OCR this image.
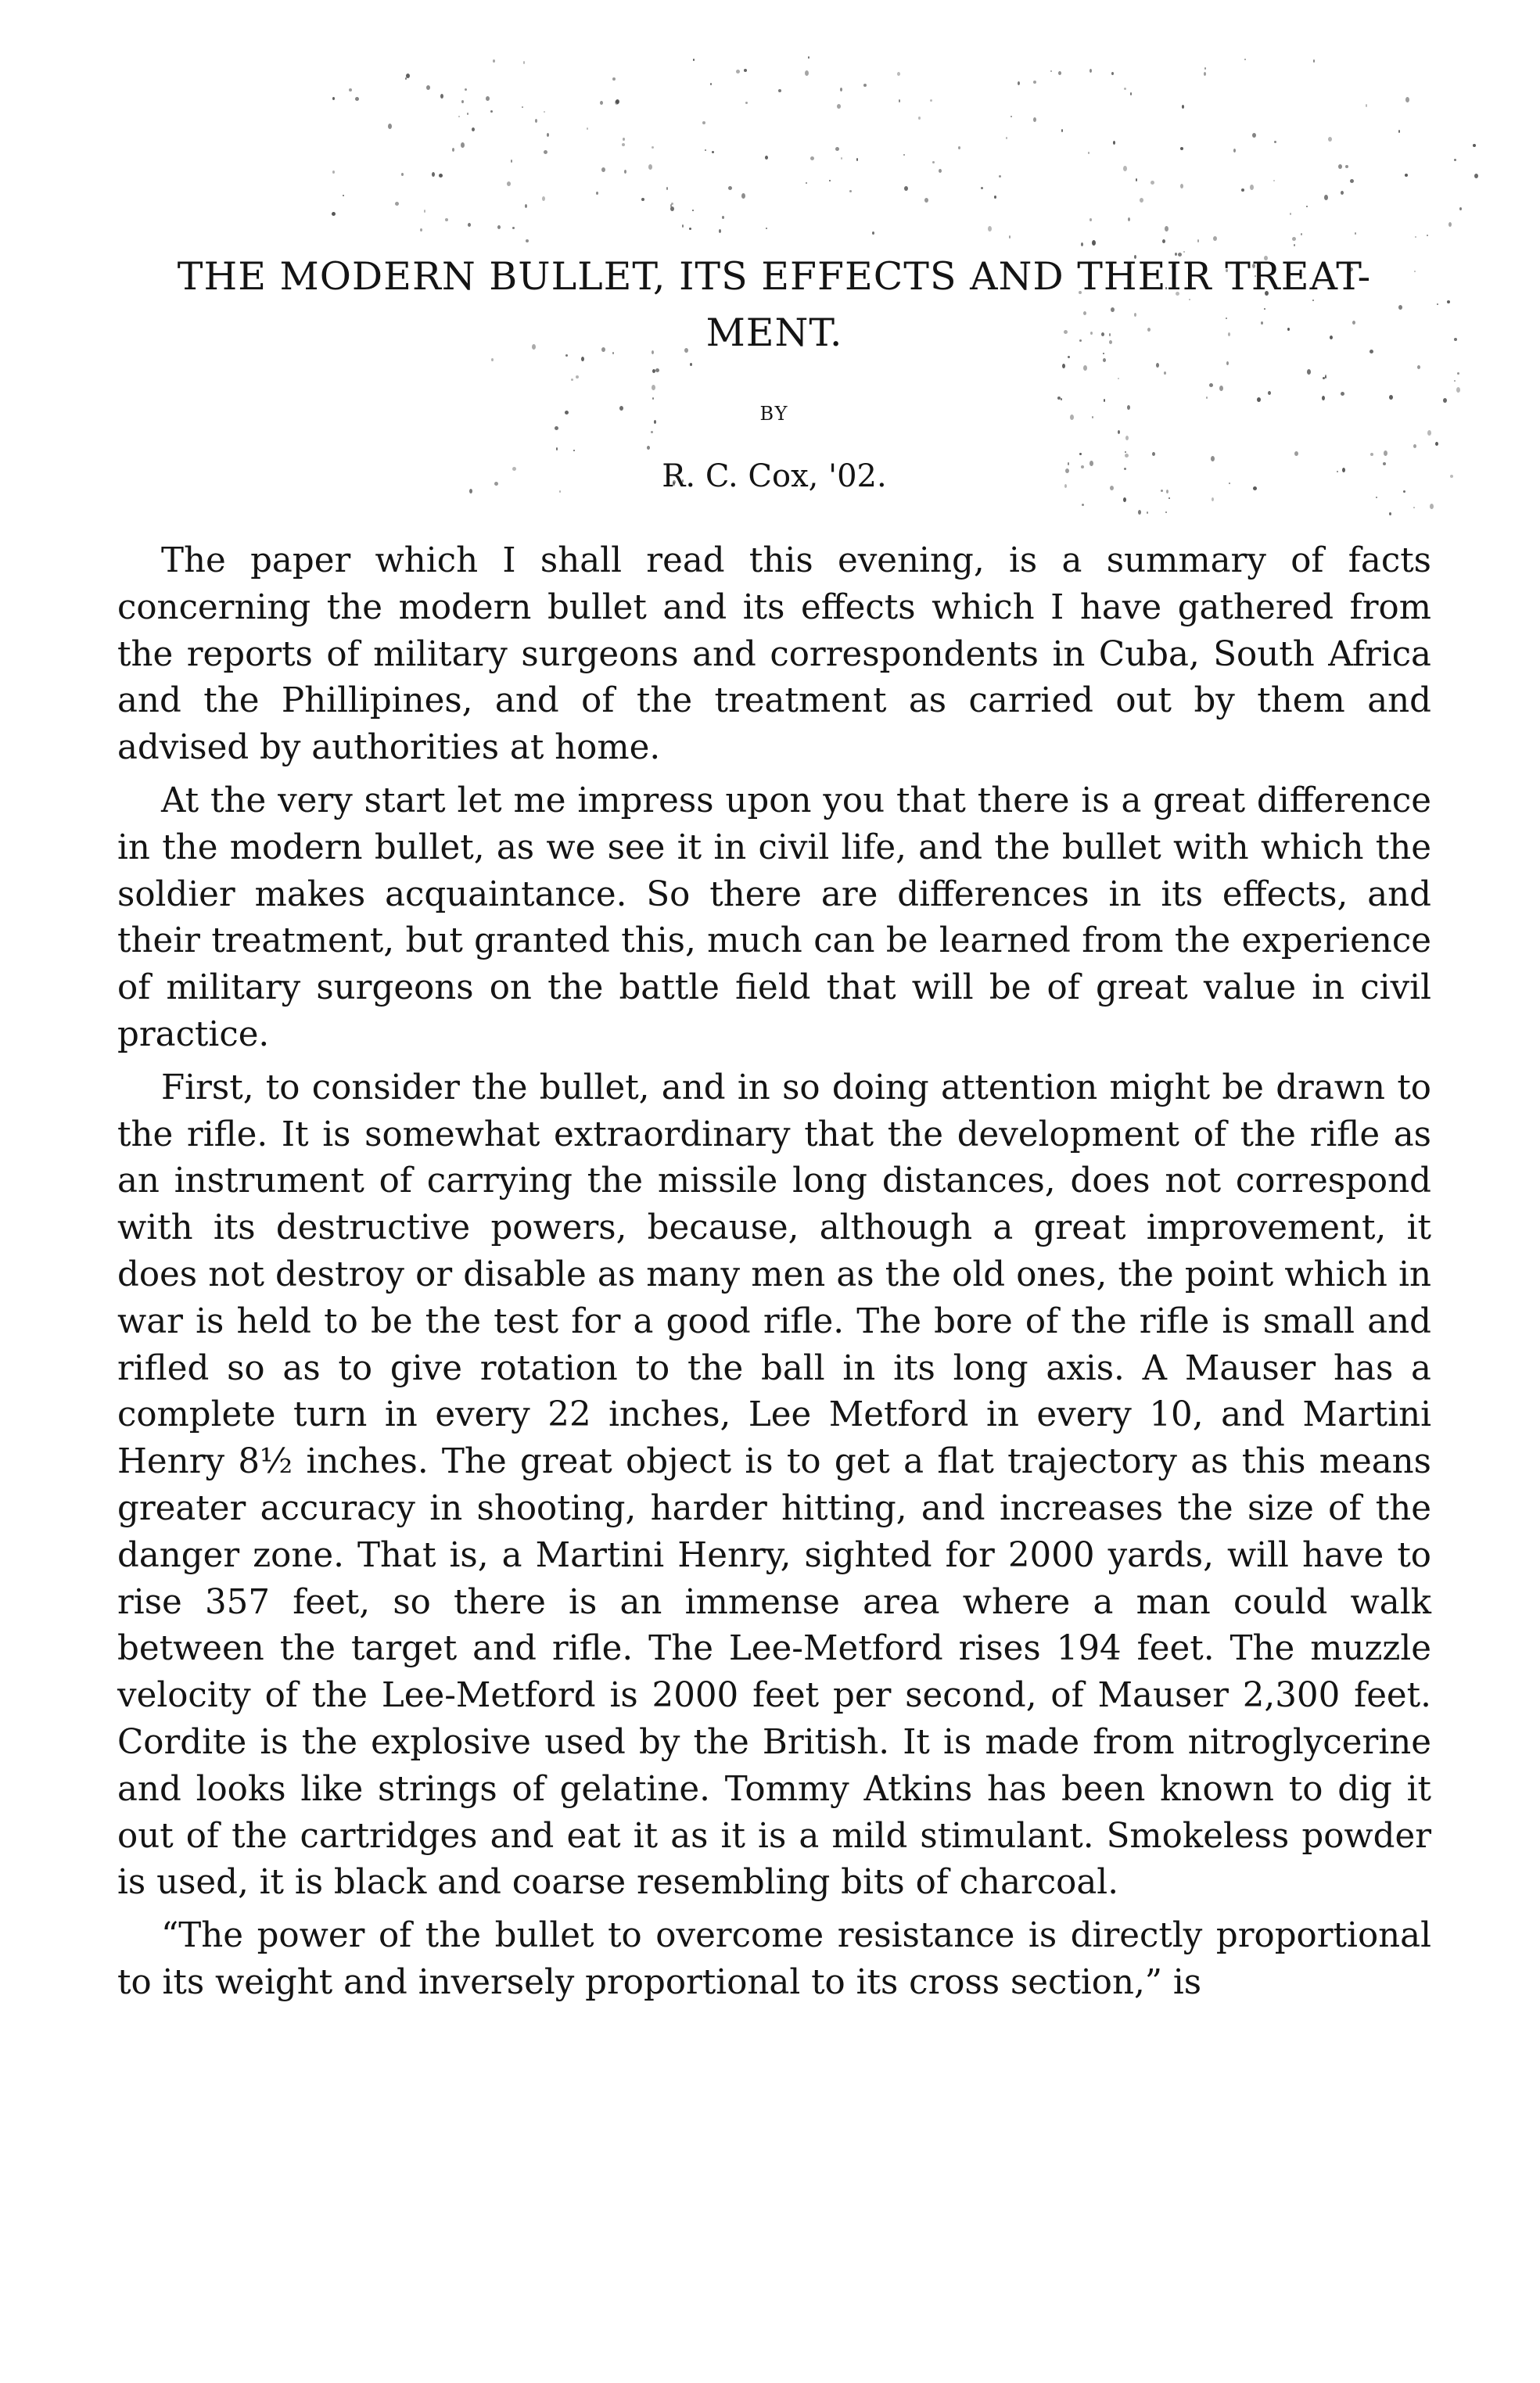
THE MODERN BULLET, ITS EFFECTS AND THEIR TREAT-
MENT.
BY
R. C. Cox, '02.

The paper which I shall read this evening, is a summary of facts concerning the modern bullet and its effects which I have gathered from the reports of military surgeons and correspondents in Cuba, South Africa and the Phillipines, and of the treatment as carried out by them and advised by authorities at home.

At the very start let me impress upon you that there is a great difference in the modern bullet, as we see it in civil life, and the bullet with which the soldier makes acquaintance. So there are differences in its effects, and their treatment, but granted this, much can be learned from the experience of military surgeons on the battle field that will be of great value in civil practice.

First, to consider the bullet, and in so doing attention might be drawn to the rifle. It is somewhat extraordinary that the development of the rifle as an instrument of carrying the missile long distances, does not correspond with its destructive powers, because, although a great improvement, it does not destroy or disable as many men as the old ones, the point which in war is held to be the test for a good rifle. The bore of the rifle is small and rifled so as to give rotation to the ball in its long axis. A Mauser has a complete turn in every 22 inches, Lee Metford in every 10, and Martini Henry 8½ inches. The great object is to get a flat trajectory as this means greater accuracy in shooting, harder hitting, and increases the size of the danger zone. That is, a Martini Henry, sighted for 2000 yards, will have to rise 357 feet, so there is an immense area where a man could walk between the target and rifle. The Lee-Metford rises 194 feet. The muzzle velocity of the Lee-Metford is 2000 feet per second, of Mauser 2,300 feet. Cordite is the explosive used by the British. It is made from nitroglycerine and looks like strings of gelatine. Tommy Atkins has been known to dig it out of the cartridges and eat it as it is a mild stimulant. Smokeless powder is used, it is black and coarse resembling bits of charcoal.

“The power of the bullet to overcome resistance is directly proportional to its weight and inversely proportional to its cross section,” is
